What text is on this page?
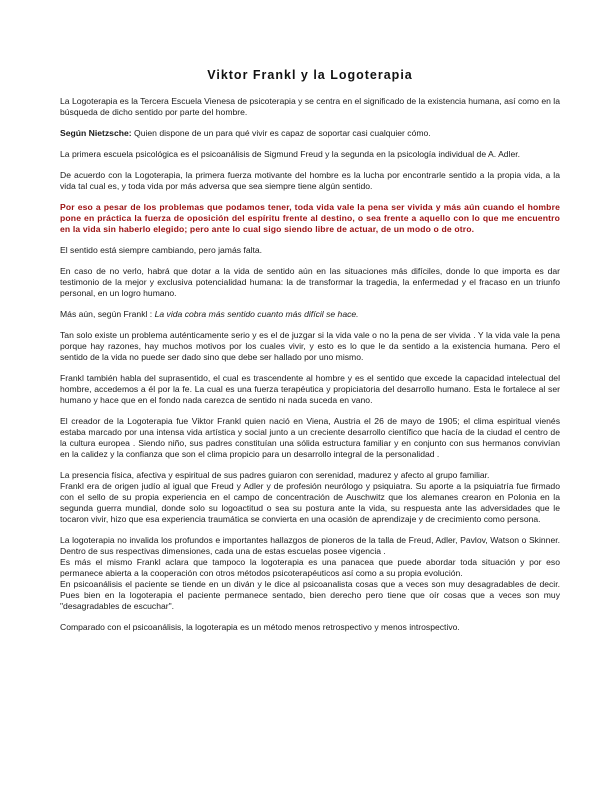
Viktor Frankl y la Logoterapia

La Logoterapia es la Tercera Escuela Vienesa de psicoterapia y se centra en el significado de la existencia humana, así como en la búsqueda de dicho sentido por parte del hombre.

Según Nietzsche: Quien dispone de un para qué vivir es capaz de soportar casi cualquier cómo.

La primera escuela psicológica es el psicoanálisis de Sigmund Freud y la segunda en la psicología individual de A. Adler.

De acuerdo con la Logoterapia, la primera fuerza motivante del hombre es la lucha por encontrarle sentido a la propia vida, a la vida tal cual es, y toda vida por más adversa que sea siempre tiene algún sentido.

Por eso a pesar de los problemas que podamos tener, toda vida vale la pena ser vivida y más aún cuando el hombre pone en práctica la fuerza de oposición del espíritu frente al destino, o sea frente a aquello con lo que me encuentro en la vida sin haberlo elegido; pero ante lo cual sigo siendo libre de actuar, de un modo o de otro.

El sentido está siempre cambiando, pero jamás falta.

En caso de no verlo, habrá que dotar a la vida de sentido aún en las situaciones más difíciles, donde lo que importa es dar testimonio de la mejor y exclusiva potencialidad humana: la de transformar la tragedia, la enfermedad y el fracaso en un triunfo personal, en un logro humano.

Más aún, según Frankl : La vida cobra más sentido cuanto más difícil se hace.

Tan solo existe un problema auténticamente serio y es el de juzgar si la vida vale o no la pena de ser vivida . Y la vida vale la pena porque hay razones, hay muchos motivos por los cuales vivir, y esto es lo que le da sentido a la existencia humana. Pero el sentido de la vida no puede ser dado sino que debe ser hallado por uno mismo.

Frankl también habla del suprasentido, el cual es trascendente al hombre y es el sentido que excede la capacidad intelectual del hombre, accedemos a él por la fe. La cual es una fuerza terapéutica y propiciatoria del desarrollo humano. Esta le fortalece al ser humano y hace que en el fondo nada carezca de sentido ni nada suceda en vano.

El creador de la Logoterapia fue Viktor Frankl quien nació en Viena, Austria el 26 de mayo de 1905; el clima espiritual vienés estaba marcado por una intensa vida artística y social junto a un creciente desarrollo científico que hacía de la ciudad el centro de la cultura europea . Siendo niño, sus padres constituían una sólida estructura familiar y en conjunto con sus hermanos convivían en la calidez y la confianza que son el clima propicio para un desarrollo integral de la personalidad .

La presencia física, afectiva y espiritual de sus padres guiaron con serenidad, madurez y afecto al grupo familiar.

Frankl era de origen judío al igual que Freud y Adler y de profesión neurólogo y psiquiatra. Su aporte a la psiquiatría fue firmado con el sello de su propia experiencia en el campo de concentración de Auschwitz que los alemanes crearon en Polonia en la segunda guerra mundial, donde solo su logoactitud o sea su postura ante la vida, su respuesta ante las adversidades que le tocaron vivir, hizo que esa experiencia traumática se convierta en una ocasión de aprendizaje y de crecimiento como persona.

La logoterapia no invalida los profundos e importantes hallazgos de pioneros de la talla de Freud, Adler, Pavlov, Watson o Skinner. Dentro de sus respectivas dimensiones, cada una de estas escuelas posee vigencia .

Es más el mismo Frankl aclara que tampoco la logoterapia es una panacea que puede abordar toda situación y por eso permanece abierta a la cooperación con otros métodos psicoterapéuticos así como a su propia evolución.

En psicoanálisis el paciente se tiende en un diván y le dice al psicoanalista cosas que a veces son muy desagradables de decir. Pues bien en la logoterapia el paciente permanece sentado, bien derecho pero tiene que oír cosas que a veces son muy "desagradables de escuchar".

Comparado con el psicoanálisis, la logoterapia es un método menos retrospectivo y menos introspectivo.
